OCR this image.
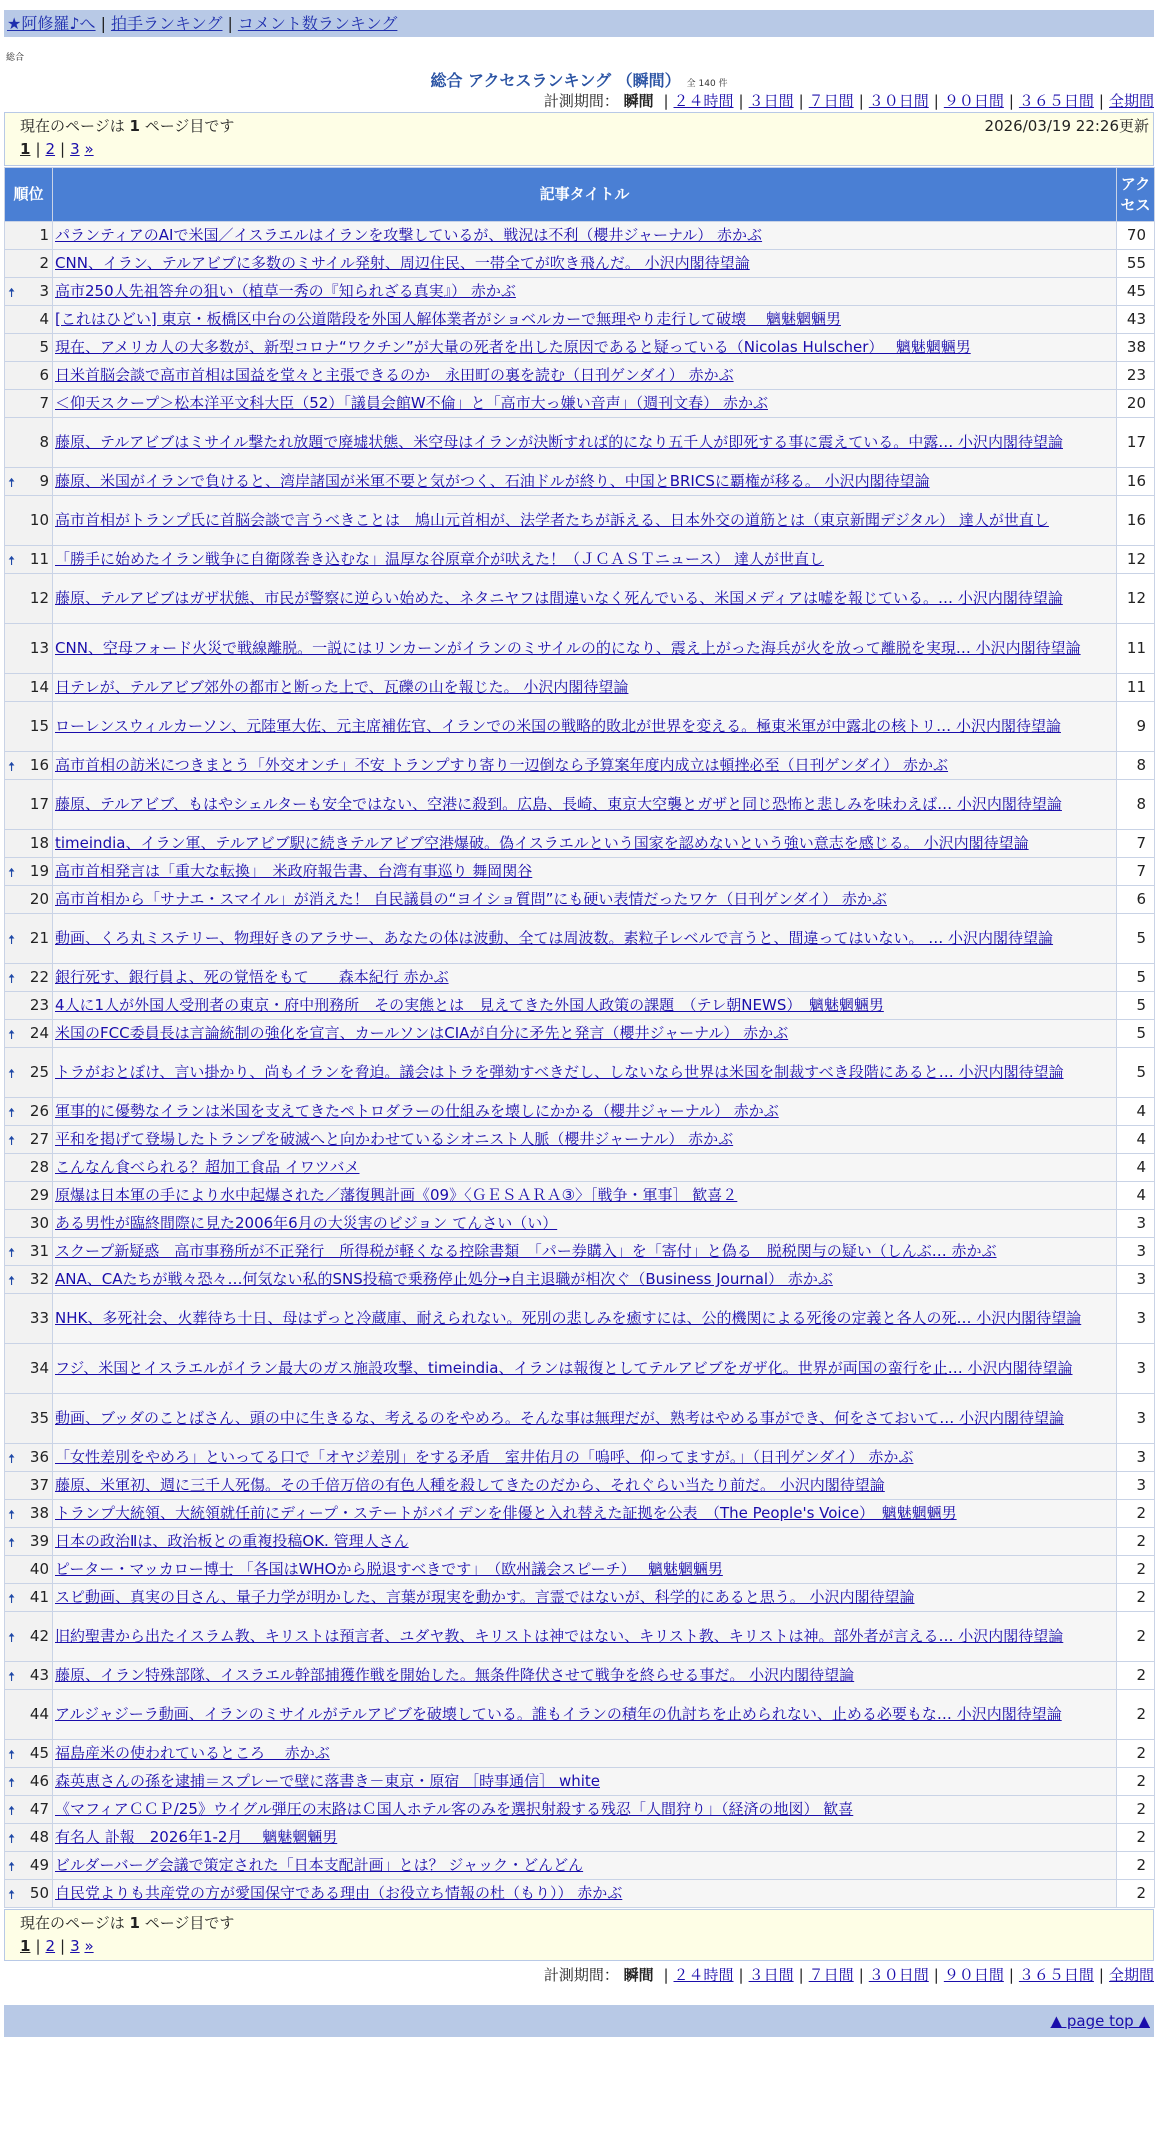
★阿修羅♪へ | 拍手ランキング | コメント数ランキング
総合
総合 アクセスランキング （瞬間） 全 140 件
計測期間： 瞬間 | ２４時間 | ３日間 | ７日間 | ３０日間 | ９０日間 | ３６５日間 | 全期間
現在のページは 1 ページ目です	2026/03/19 22:26更新
1 | 2 | 3 »
順位	記事タイトル	アクセス
1	パランティアのAIで米国／イスラエルはイランを攻撃しているが、戦況は不利（櫻井ジャーナル） 赤かぶ	70
2	CNN、イラン、テルアビブに多数のミサイル発射、周辺住民、一帯全てが吹き飛んだ。 小沢内閣待望論	55

🠅 3	高市250人先祖答弁の狙い（植草一秀の『知られざる真実』） 赤かぶ	45
4	[これはひどい] 東京・板橋区中台の公道階段を外国人解体業者がショベルカーで無理やり走行して破壊　 魑魅魍魎男	43
5	現在、アメリカ人の大多数が、新型コロナ“ワクチン”が大量の死者を出した原因であると疑っている（Nicolas Hulscher）　 魑魅魍魎男	38
6	日米首脳会談で高市首相は国益を堂々と主張できるのか　永田町の裏を読む（日刊ゲンダイ） 赤かぶ	23
7	＜仰天スクープ＞松本洋平文科大臣（52）「議員会館W不倫」と「高市大っ嫌い音声」（週刊文春） 赤かぶ	20
8	藤原、テルアビブはミサイル撃たれ放題で廃墟状態、米空母はイランが決断すれば的になり五千人が即死する事に震えている。中露… 小沢内閣待望論	17

🠅 9	藤原、米国がイランで負けると、湾岸諸国が米軍不要と気がつく、石油ドルが終り、中国とBRICSに覇権が移る。 小沢内閣待望論	16
10	高市首相がトランプ氏に首脳会談で言うべきことは　鳩山元首相が、法学者たちが訴える、日本外交の道筋とは（東京新聞デジタル） 達人が世直し	16

🠅 11	「勝手に始めたイラン戦争に自衛隊巻き込むな」温厚な谷原章介が吠えた！（ＪＣＡＳＴニュース） 達人が世直し	12
12	藤原、テルアビブはガザ状態、市民が警察に逆らい始めた、ネタニヤフは間違いなく死んでいる、米国メディアは嘘を報じている。… 小沢内閣待望論	12
13	CNN、空母フォード火災で戦線離脱。一説にはリンカーンがイランのミサイルの的になり、震え上がった海兵が火を放って離脱を実現… 小沢内閣待望論	11
14	日テレが、テルアビブ郊外の都市と断った上で、瓦礫の山を報じた。 小沢内閣待望論	11
15	ローレンスウィルカーソン、元陸軍大佐、元主席補佐官、イランでの米国の戦略的敗北が世界を変える。極東米軍が中露北の核トリ… 小沢内閣待望論	9

🠅 16	高市首相の訪米につきまとう「外交オンチ」不安 トランプすり寄り一辺倒なら予算案年度内成立は頓挫必至（日刊ゲンダイ） 赤かぶ	8
17	藤原、テルアビブ、もはやシェルターも安全ではない、空港に殺到。広島、長崎、東京大空襲とガザと同じ恐怖と悲しみを味わえば… 小沢内閣待望論	8
18	timeindia、イラン軍、テルアビブ駅に続きテルアビブ空港爆破。偽イスラエルという国家を認めないという強い意志を感じる。 小沢内閣待望論	7

🠅 19	高市首相発言は「重大な転換」　米政府報告書、台湾有事巡り 舞岡関谷	7
20	高市首相から「サナエ・スマイル」が消えた！ 自民議員の“ヨイショ質問”にも硬い表情だったワケ（日刊ゲンダイ） 赤かぶ	6

🠅 21	動画、くろ丸ミステリー、物理好きのアラサー、あなたの体は波動、全ては周波数。素粒子レベルで言うと、間違ってはいない。 … 小沢内閣待望論	5

🠅 22	銀行死す、銀行員よ、死の覚悟をもて　　森本紀行 赤かぶ	5
23	4人に1人が外国人受刑者の東京・府中刑務所　その実態とは　見えてきた外国人政策の課題　（テレ朝NEWS）　魑魅魍魎男	5

🠅 24	米国のFCC委員長は言論統制の強化を宣言、カールソンはCIAが自分に矛先と発言（櫻井ジャーナル） 赤かぶ	5

🠅 25	トラがおとぼけ、言い掛かり、尚もイランを脅迫。議会はトラを弾劾すべきだし、しないなら世界は米国を制裁すべき段階にあると… 小沢内閣待望論	5

🠅 26	軍事的に優勢なイランは米国を支えてきたペトロダラーの仕組みを壊しにかかる（櫻井ジャーナル） 赤かぶ	4

🠅 27	平和を掲げて登場したトランプを破滅へと向かわせているシオニスト人脈（櫻井ジャーナル） 赤かぶ	4
28	こんなん食べられる？超加工食品 イワツバメ	4
29	原爆は日本軍の手により水中起爆された／藩復興計画《09》〈ＧＥＳＡＲＡ③〉［戦争・軍事］ 歓喜２	4
30	ある男性が臨終間際に見た2006年6月の大災害のビジョン てんさい（い）	3

🠅 31	スクープ新疑惑　高市事務所が不正発行　所得税が軽くなる控除書類　「パー券購入」を「寄付」と偽る　脱税関与の疑い（しんぶ… 赤かぶ	3

🠅 32	ANA、CAたちが戦々恐々…何気ない私的SNS投稿で乗務停止処分→自主退職が相次ぐ（Business Journal） 赤かぶ	3
33	NHK、多死社会、火葬待ち十日、母はずっと冷蔵庫、耐えられない。死別の悲しみを癒すには、公的機関による死後の定義と各人の死… 小沢内閣待望論	3
34	フジ、米国とイスラエルがイラン最大のガス施設攻撃、timeindia、イランは報復としてテルアビブをガザ化。世界が両国の蛮行を止… 小沢内閣待望論	3
35	動画、ブッダのことばさん、頭の中に生きるな、考えるのをやめろ。そんな事は無理だが、熟考はやめる事ができ、何をさておいて… 小沢内閣待望論	3

🠅 36	「女性差別をやめろ」といってる口で「オヤジ差別」をする矛盾　室井佑月の「嗚呼、仰ってますが。」（日刊ゲンダイ） 赤かぶ	3
37	藤原、米軍初、週に三千人死傷。その千倍万倍の有色人種を殺してきたのだから、それぐらい当たり前だ。 小沢内閣待望論	3

🠅 38	トランプ大統領、大統領就任前にディープ・ステートがバイデンを俳優と入れ替えた証拠を公表　（The People's Voice）　魑魅魍魎男	2

🠅 39	日本の政治Ⅱは、政治板との重複投稿OK. 管理人さん	2
40	ピーター・マッカロー博士 「各国はWHOから脱退すべきです」　（欧州議会スピーチ）　 魑魅魍魎男	2

🠅 41	スピ動画、真実の目さん、量子力学が明かした、言葉が現実を動かす。言霊ではないが、科学的にあると思う。 小沢内閣待望論	2

🠅 42	旧約聖書から出たイスラム教、キリストは預言者、ユダヤ教、キリストは神ではない、キリスト教、キリストは神。部外者が言える… 小沢内閣待望論	2

🠅 43	藤原、イラン特殊部隊、イスラエル幹部捕獲作戦を開始した。無条件降伏させて戦争を終らせる事だ。 小沢内閣待望論	2
44	アルジャジーラ動画、イランのミサイルがテルアビブを破壊している。誰もイランの積年の仇討ちを止められない、止める必要もな… 小沢内閣待望論	2

🠅 45	福島産米の使われているところ　 赤かぶ	2

🠅 46	森英恵さんの孫を逮捕＝スプレーで壁に落書き－東京・原宿 ［時事通信］ white	2

🠅 47	《マフィアＣＣＰ/25》ウイグル弾圧の末路はＣ国人ホテル客のみを選択射殺する残忍「人間狩り」（経済の地図） 歓喜	2

🠅 48	有名人 訃報　2026年1-2月　 魑魅魍魎男	2

🠅 49	ビルダーバーグ会議で策定された「日本支配計画」とは？ ジャック・どんどん	2

🠅 50	自民党よりも共産党の方が愛国保守である理由（お役立ち情報の杜（もり）） 赤かぶ	2
現在のページは 1 ページ目です
1 | 2 | 3 »
計測期間： 瞬間 | ２４時間 | ３日間 | ７日間 | ３０日間 | ９０日間 | ３６５日間 | 全期間
▲ page top ▲
